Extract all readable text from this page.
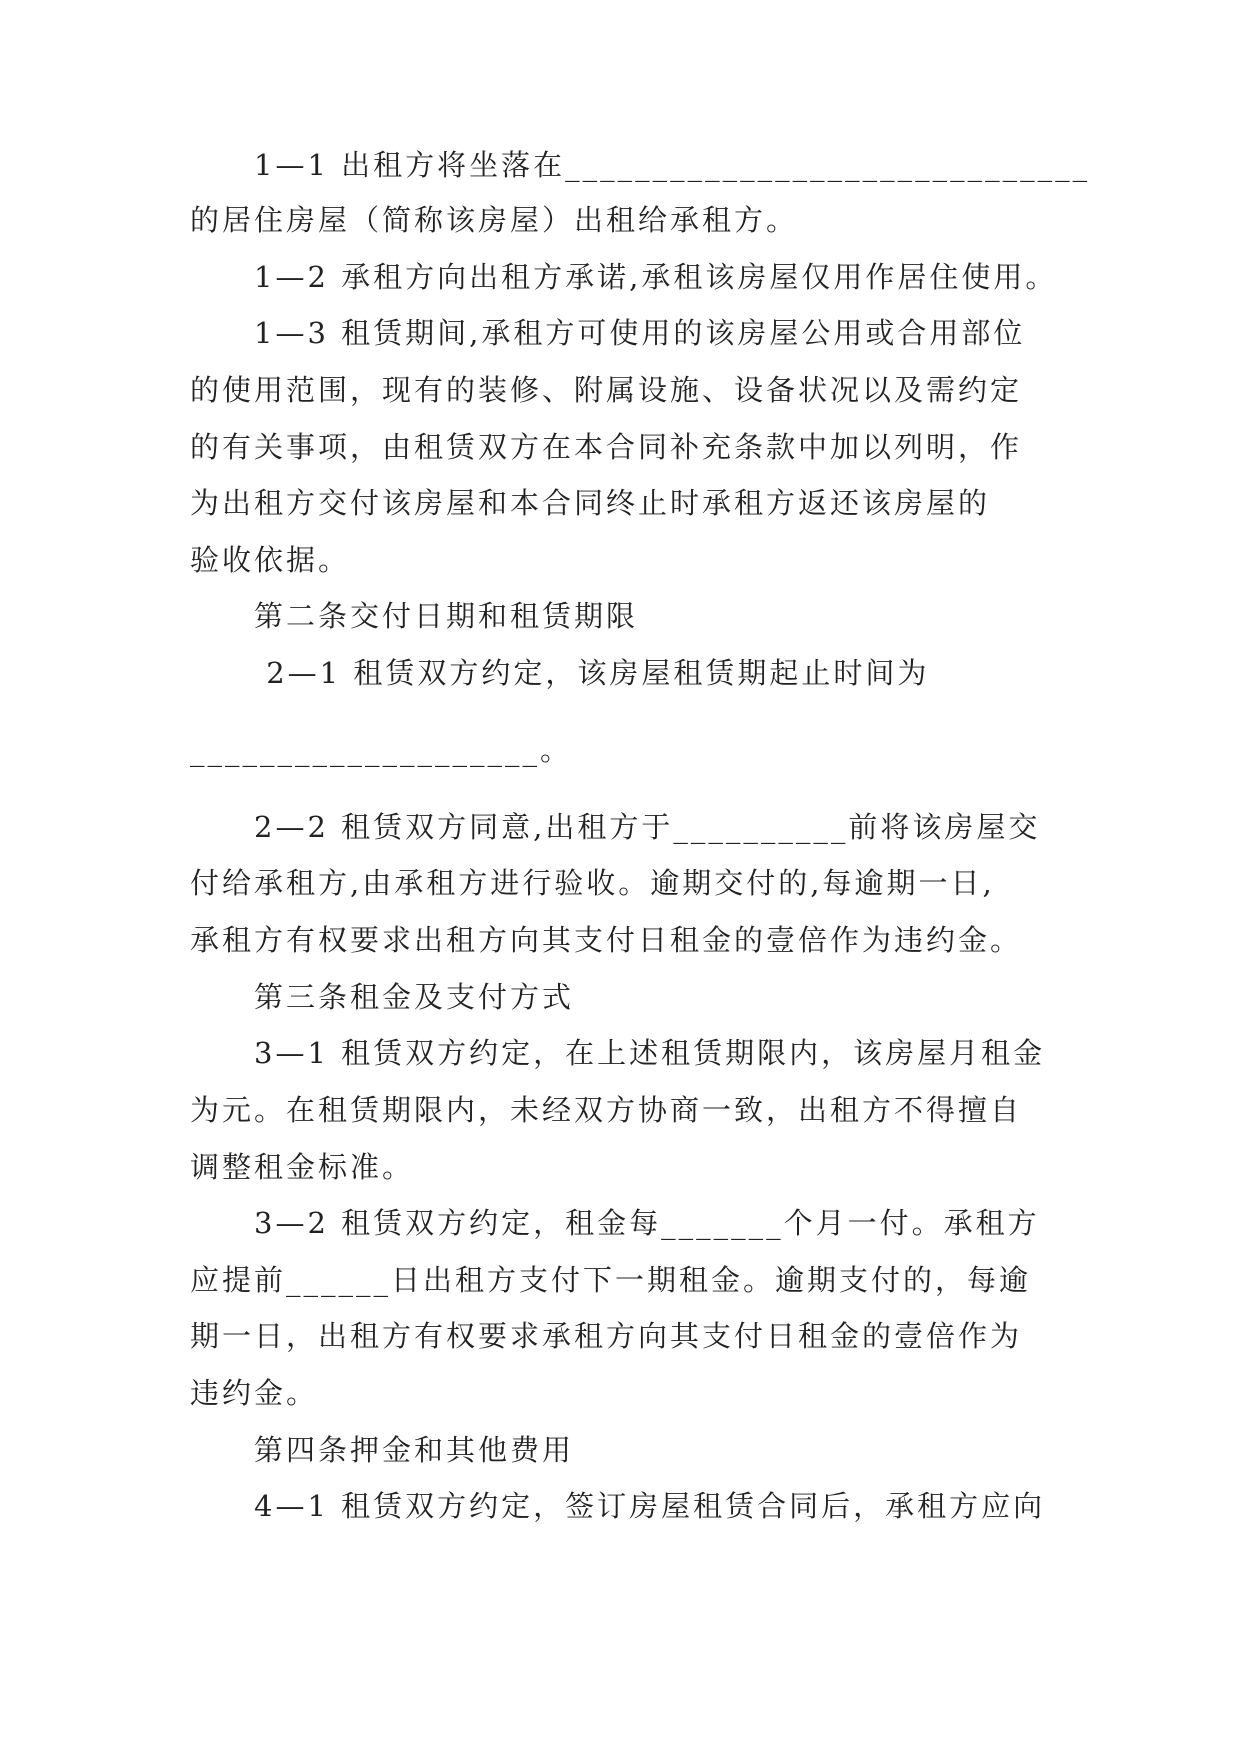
　　1—1 出租方将坐落在______________________________
的居住房屋（简称该房屋）出租给承租方。
　　1—2 承租方向出租方承诺,承租该房屋仅用作居住使用。
　　1—3 租赁期间,承租方可使用的该房屋公用或合用部位
的使用范围，现有的装修、附属设施、设备状况以及需约定
的有关事项，由租赁双方在本合同补充条款中加以列明，作
为出租方交付该房屋和本合同终止时承租方返还该房屋的
验收依据。
　　第二条交付日期和租赁期限
　　 2—1 租赁双方约定，该房屋租赁期起止时间为
____________________。
　　2—2 租赁双方同意,出租方于__________前将该房屋交
付给承租方,由承租方进行验收。逾期交付的,每逾期一日,
承租方有权要求出租方向其支付日租金的壹倍作为违约金。
　　第三条租金及支付方式
　　3—1 租赁双方约定，在上述租赁期限内，该房屋月租金
为元。在租赁期限内，未经双方协商一致，出租方不得擅自
调整租金标准。
　　3—2 租赁双方约定，租金每_______个月一付。承租方
应提前______日出租方支付下一期租金。逾期支付的，每逾
期一日，出租方有权要求承租方向其支付日租金的壹倍作为
违约金。
　　第四条押金和其他费用
　　4—1 租赁双方约定，签订房屋租赁合同后，承租方应向
